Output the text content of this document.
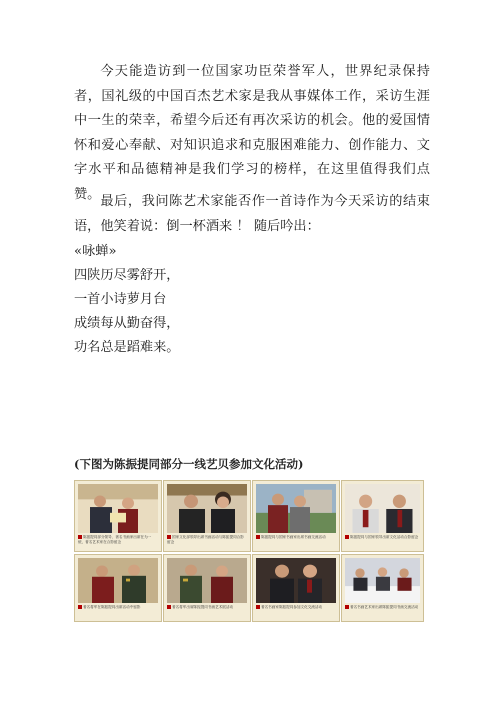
今天能造访到一位国家功臣荣誉军人，世界纪录保持者，国礼级的中国百杰艺术家是我从事媒体工作，采访生涯中一生的荣幸，希望今后还有再次采访的机会。他的爱国情怀和爱心奉献、对知识追求和克服困难能力、创作能力、文字水平和品德精神是我们学习的榜样，在这里值得我们点赞。 最后，我问陈艺术家能否作一首诗作为今天采访的结束语，他笑着说：倒一杯酒来 ！ 随后吟出：

«咏蝉»

四陕历尽雾舒开，

一首小诗萝月台

成绩每从勤奋得，

功名总是蹈难来。

(下图为陈振提同部分一线艺贝参加文化活动)
陈振提同部分领导、著名书画家出席在为一统，著名艺术家在合影留念
国家文化部领导出席书画活动与陈振提同合影留念
陈振提同与国家书画家出席书画交流活动	陈振提同与国家领导出席文化活动合影留念
著名将军在陈振提同出席活动中留影	著名将军出席陈振提同书画艺术展活动	著名书画家陈振提同参加文化交流活动	著名书画艺术家出席陈振提同书画交流活动
